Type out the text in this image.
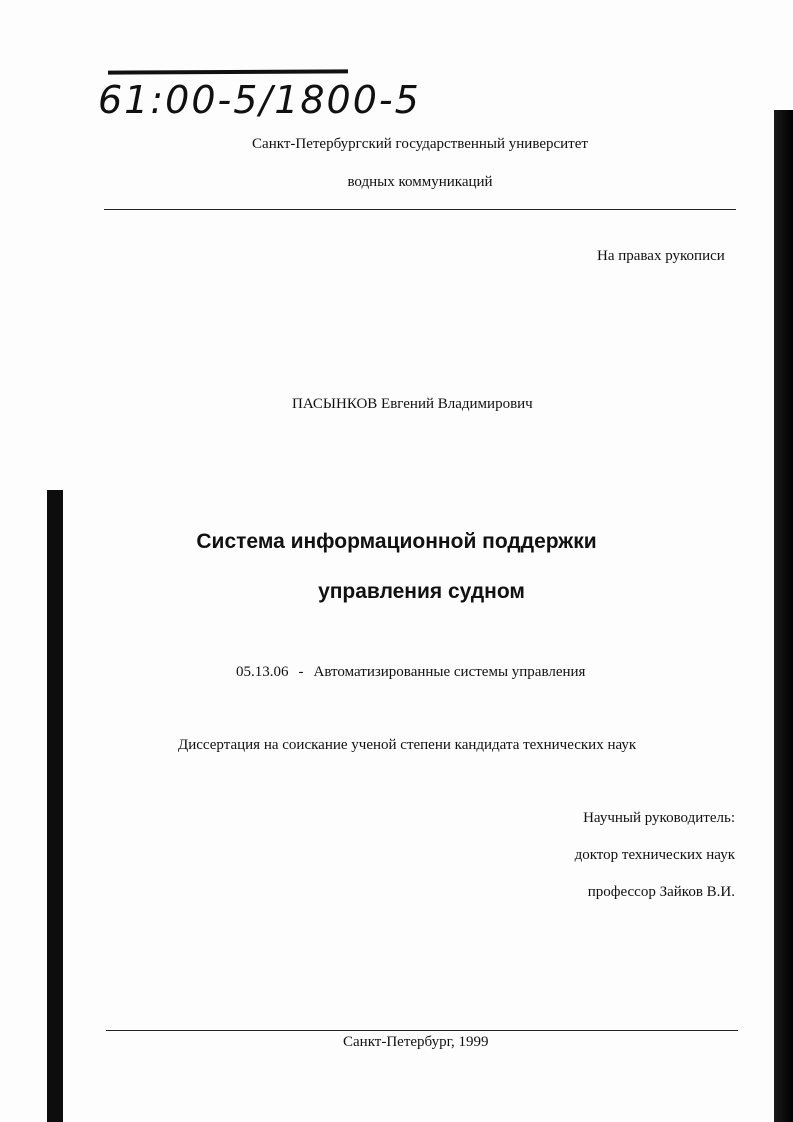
61:00-5/1800-5
Санкт-Петербургский государственный университет
водных коммуникаций
На правах рукописи
ПАСЫНКОВ Евгений Владимирович
Система информационной поддержки
управления судном
05.13.06 - Автоматизированные системы управления
Диссертация на соискание ученой степени кандидата технических наук
Научный руководитель:
доктор технических наук
профессор Зайков В.И.
Санкт-Петербург, 1999
